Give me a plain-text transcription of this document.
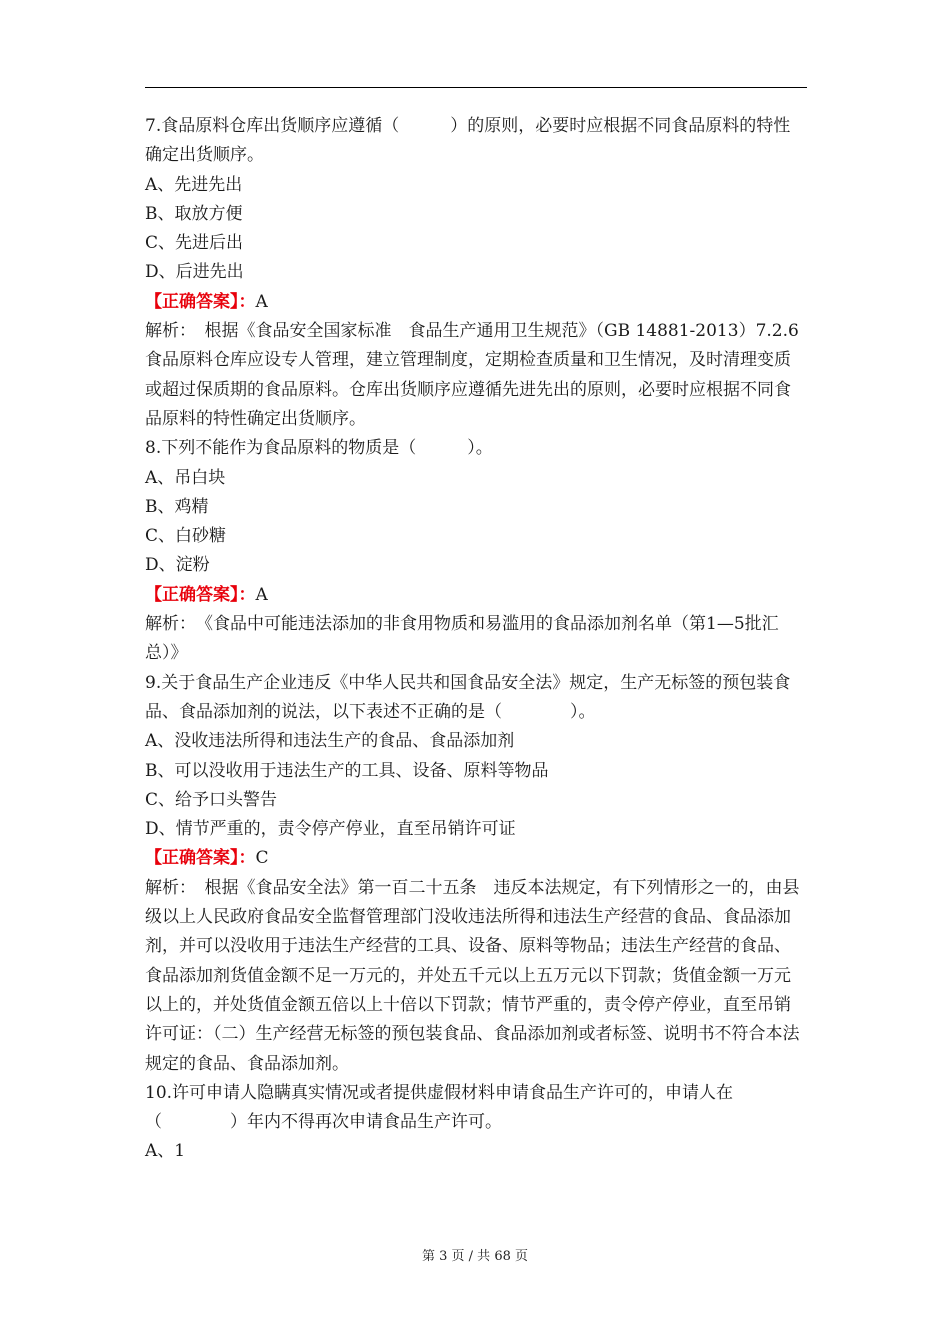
7.食品原料仓库出货顺序应遵循（　　　）的原则，必要时应根据不同食品原料的特性确定出货顺序。

A、先进先出

B、取放方便

C、先进后出

D、后进先出

【正确答案】：A

解析：　根据《食品安全国家标准　食品生产通用卫生规范》（GB 14881-2013）7.2.6 食品原料仓库应设专人管理，建立管理制度，定期检查质量和卫生情况，及时清理变质或超过保质期的食品原料。仓库出货顺序应遵循先进先出的原则，必要时应根据不同食品原料的特性确定出货顺序。

8.下列不能作为食品原料的物质是（　　　）。

A、吊白块

B、鸡精

C、白砂糖

D、淀粉

【正确答案】：A

解析：　《食品中可能违法添加的非食用物质和易滥用的食品添加剂名单（第1—5批汇总）》

9.关于食品生产企业违反《中华人民共和国食品安全法》规定，生产无标签的预包装食品、食品添加剂的说法，以下表述不正确的是（　　　　）。

A、没收违法所得和违法生产的食品、食品添加剂

B、可以没收用于违法生产的工具、设备、原料等物品

C、给予口头警告

D、情节严重的，责令停产停业，直至吊销许可证

【正确答案】：C

解析：　根据《食品安全法》第一百二十五条　违反本法规定，有下列情形之一的，由县级以上人民政府食品安全监督管理部门没收违法所得和违法生产经营的食品、食品添加剂，并可以没收用于违法生产经营的工具、设备、原料等物品；违法生产经营的食品、食品添加剂货值金额不足一万元的，并处五千元以上五万元以下罚款；货值金额一万元以上的，并处货值金额五倍以上十倍以下罚款；情节严重的，责令停产停业，直至吊销许可证：（二）生产经营无标签的预包装食品、食品添加剂或者标签、说明书不符合本法规定的食品、食品添加剂。

10.许可申请人隐瞒真实情况或者提供虚假材料申请食品生产许可的，申请人在（　　　　）年内不得再次申请食品生产许可。

A、1

第 3 页 / 共 68 页
